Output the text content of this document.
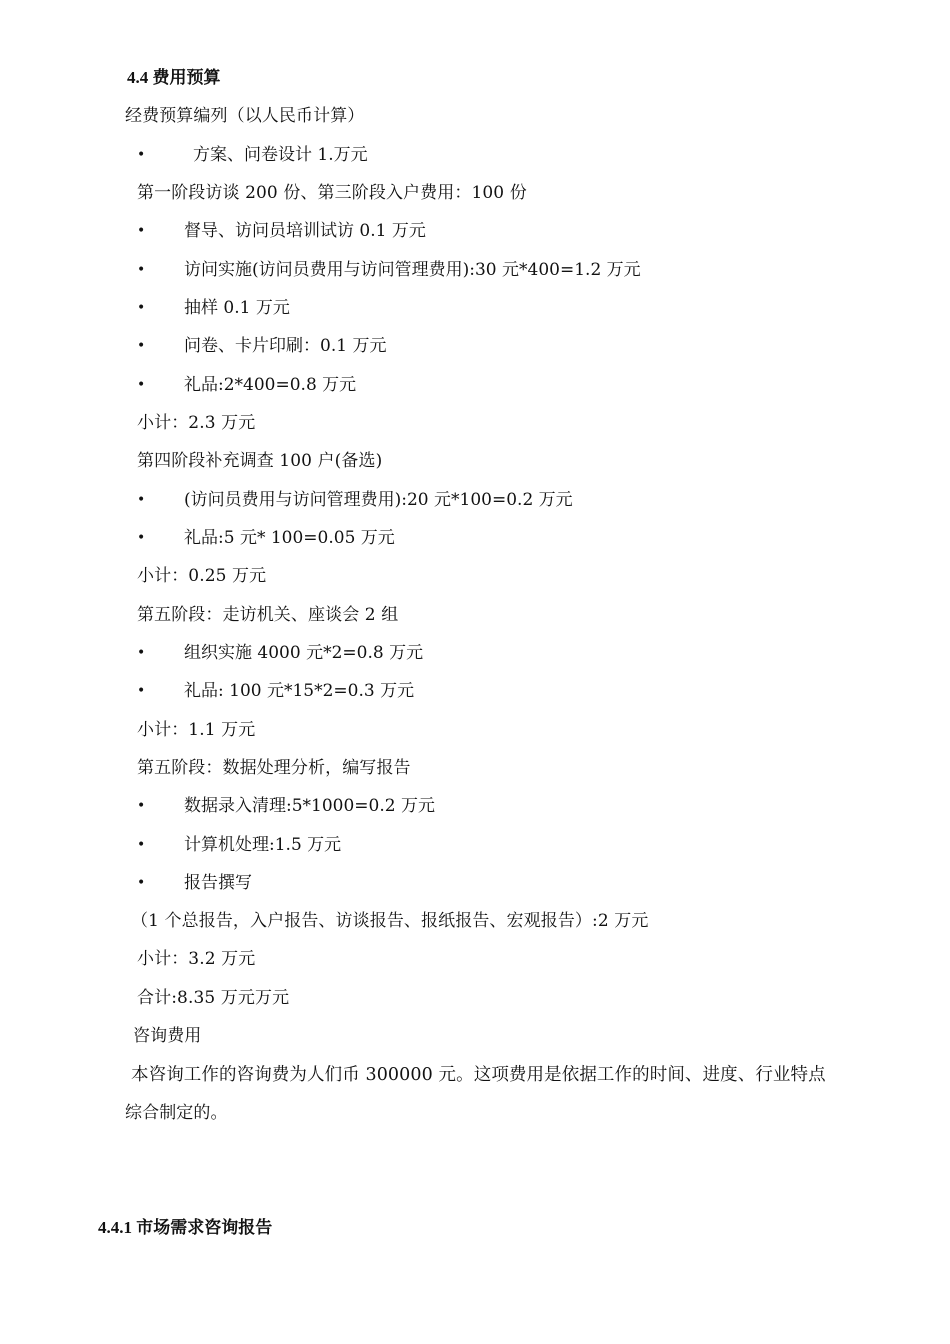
4.4 费用预算
经费预算编列（以人民币计算）
•	方案、问卷设计 1.万元
第一阶段访谈 200 份、第三阶段入户费用：100 份
•	督导、访问员培训试访 0.1 万元
•	访问实施(访问员费用与访问管理费用):30 元*400=1.2 万元
•	抽样 0.1 万元
•	问卷、卡片印刷：0.1 万元
•	礼品:2*400=0.8 万元
小计：2.3 万元
第四阶段补充调查 100 户(备选)
•	(访问员费用与访问管理费用):20 元*100=0.2 万元
•	礼品:5 元* 100=0.05 万元
小计：0.25 万元
第五阶段：走访机关、座谈会 2 组
•	组织实施 4000 元*2=0.8 万元
•	礼品: 100 元*15*2=0.3 万元
小计：1.1 万元
第五阶段：数据处理分析，编写报告
•	数据录入清理:5*1000=0.2 万元
•	计算机处理:1.5 万元
•	报告撰写
（1 个总报告，入户报告、访谈报告、报纸报告、宏观报告）:2 万元
小计：3.2 万元
合计:8.35 万元万元
咨询费用
本咨询工作的咨询费为人们币 300000 元。这项费用是依据工作的时间、进度、行业特点
综合制定的。
4.4.1 市场需求咨询报告
